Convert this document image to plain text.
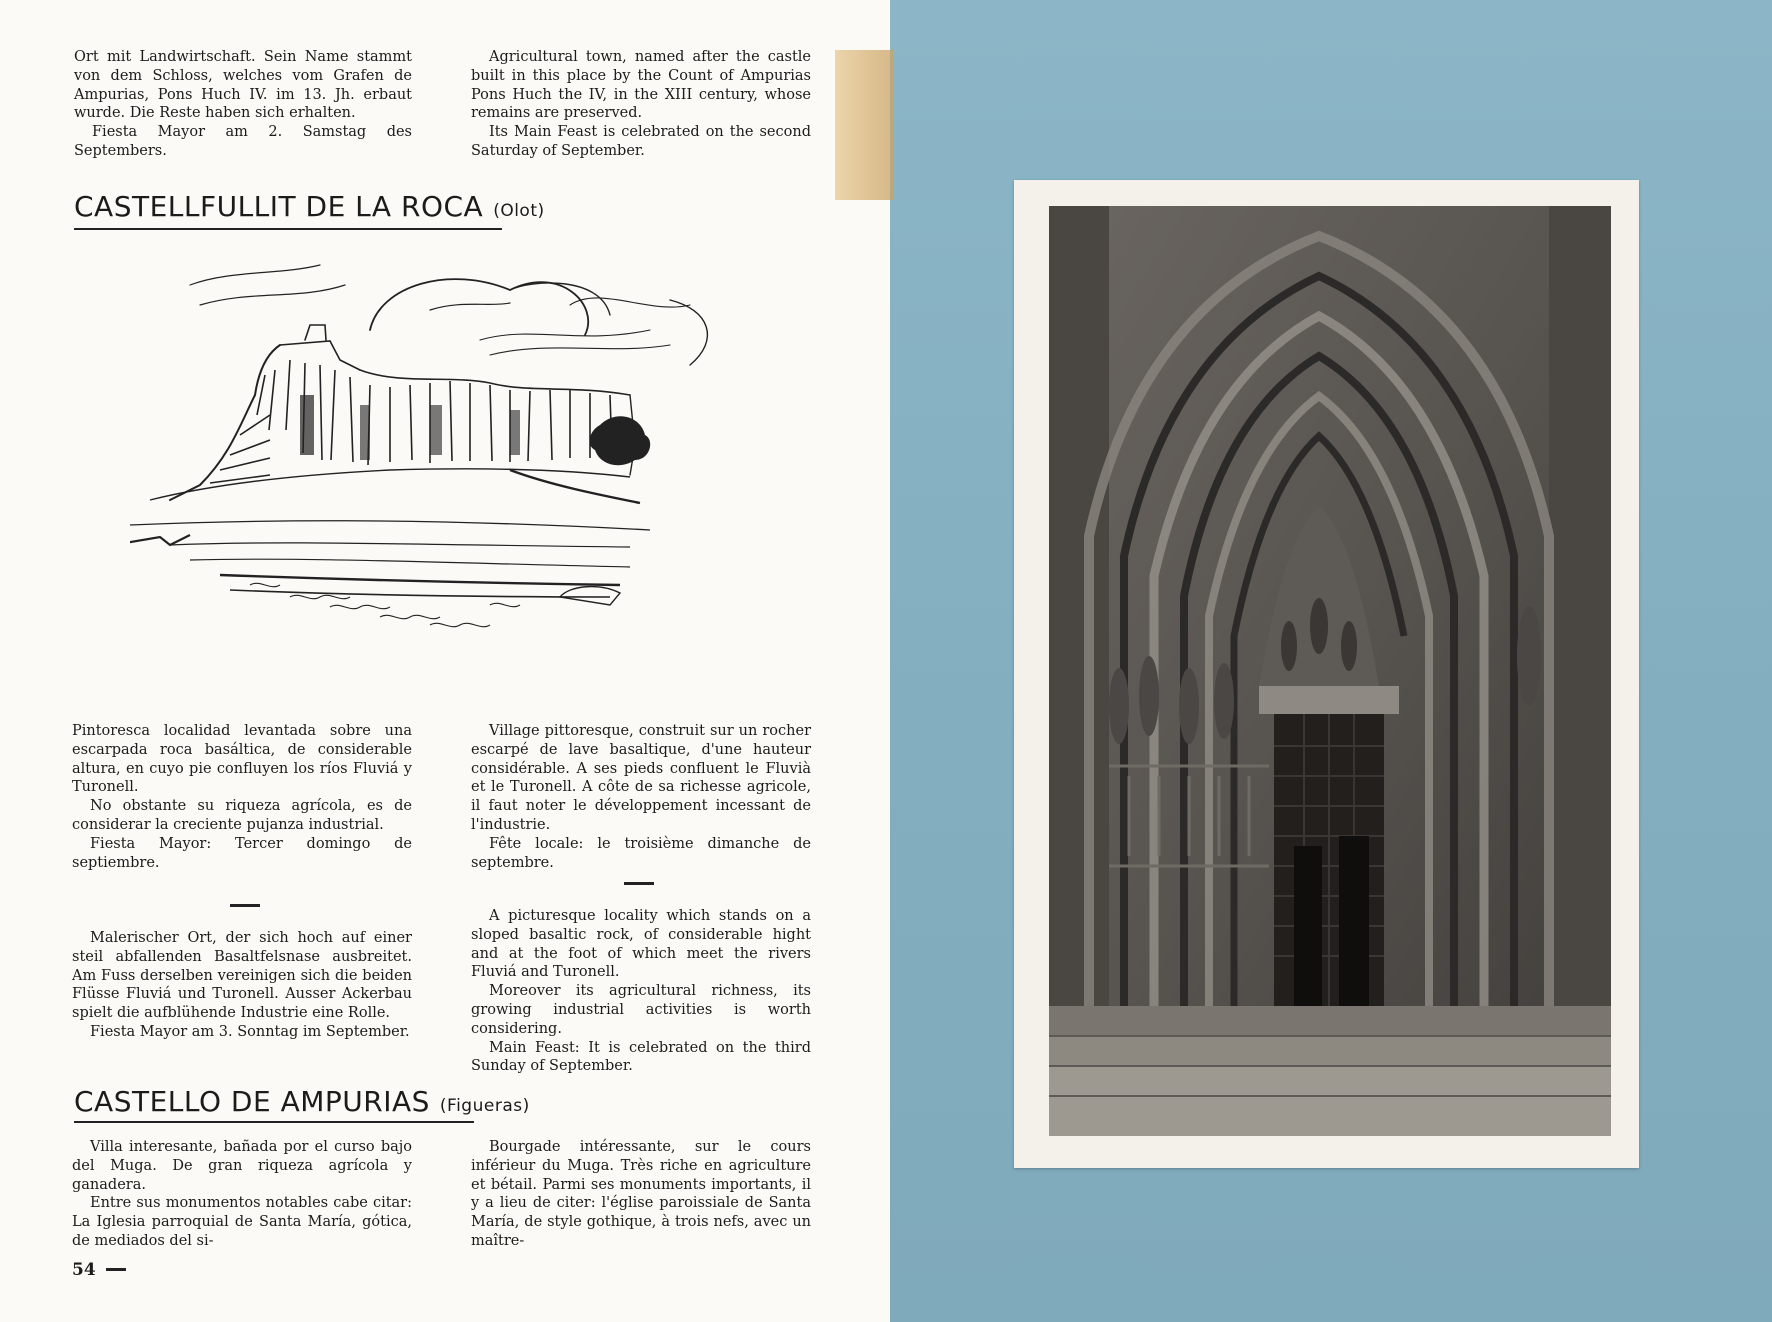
Ort mit Landwirtschaft. Sein Name stammt von dem Schloss, welches vom Grafen de Ampurias, Pons Huch IV. im 13. Jh. erbaut wurde. Die Reste haben sich erhalten.

Fiesta Mayor am 2. Samstag des Septembers.

Agricultural town, named after the castle built in this place by the Count of Ampurias Pons Huch the IV, in the XIII century, whose remains are preserved.

Its Main Feast is celebrated on the second Saturday of September.

CASTELLFULLIT DE LA ROCA (Olot)

Pintoresca localidad levantada sobre una escarpada roca basáltica, de considerable altura, en cuyo pie confluyen los ríos Fluviá y Turonell.

No obstante su riqueza agrícola, es de considerar la creciente pujanza industrial.

Fiesta Mayor: Tercer domingo de septiembre.

Village pittoresque, construit sur un rocher escarpé de lave basaltique, d'une hauteur considérable. A ses pieds confluent le Fluvià et le Turonell. A côte de sa richesse agricole, il faut noter le développement incessant de l'industrie.

Fête locale: le troisième dimanche de septembre.

Malerischer Ort, der sich hoch auf einer steil abfallenden Basaltfelsnase ausbreitet. Am Fuss derselben vereinigen sich die beiden Flüsse Fluviá und Turonell. Ausser Ackerbau spielt die aufblühende Industrie eine Rolle.

Fiesta Mayor am 3. Sonntag im September.

A picturesque locality which stands on a sloped basaltic rock, of considerable hight and at the foot of which meet the rivers Fluviá and Turonell.

Moreover its agricultural richness, its growing industrial activities is worth considering.

Main Feast: It is celebrated on the third Sunday of September.

CASTELLO DE AMPURIAS (Figueras)

Villa interesante, bañada por el curso bajo del Muga. De gran riqueza agrícola y ganadera.

Entre sus monumentos notables cabe citar: La Iglesia parroquial de Santa María, gótica, de mediados del si-

Bourgade intéressante, sur le cours inférieur du Muga. Très riche en agriculture et bétail. Parmi ses monuments importants, il y a lieu de citer: l'église paroissiale de Santa María, de style gothique, à trois nefs, avec un maître-

54
